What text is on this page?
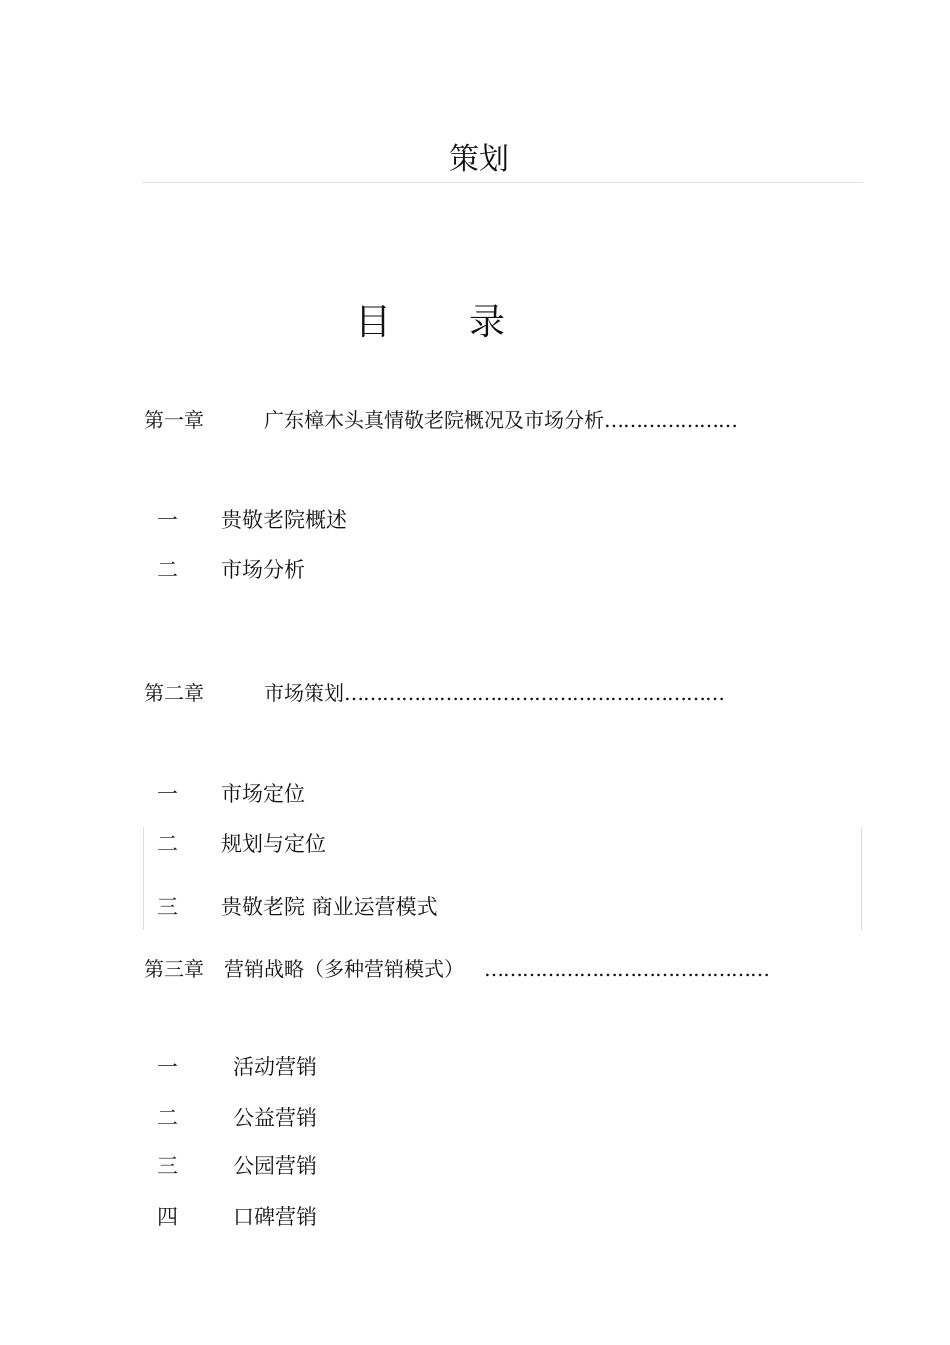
策划
目 录
第一章	广东樟木头真情敬老院概况及市场分析…………………
一 贵敬老院概述
二 市场分析
第二章	市场策划……………………………………………………
一 市场定位
二 规划与定位
三 贵敬老院 商业运营模式
第三章 营销战略（多种营销模式） ………………………………………
一	活动营销
二	公益营销
三	公园营销
四	口碑营销
